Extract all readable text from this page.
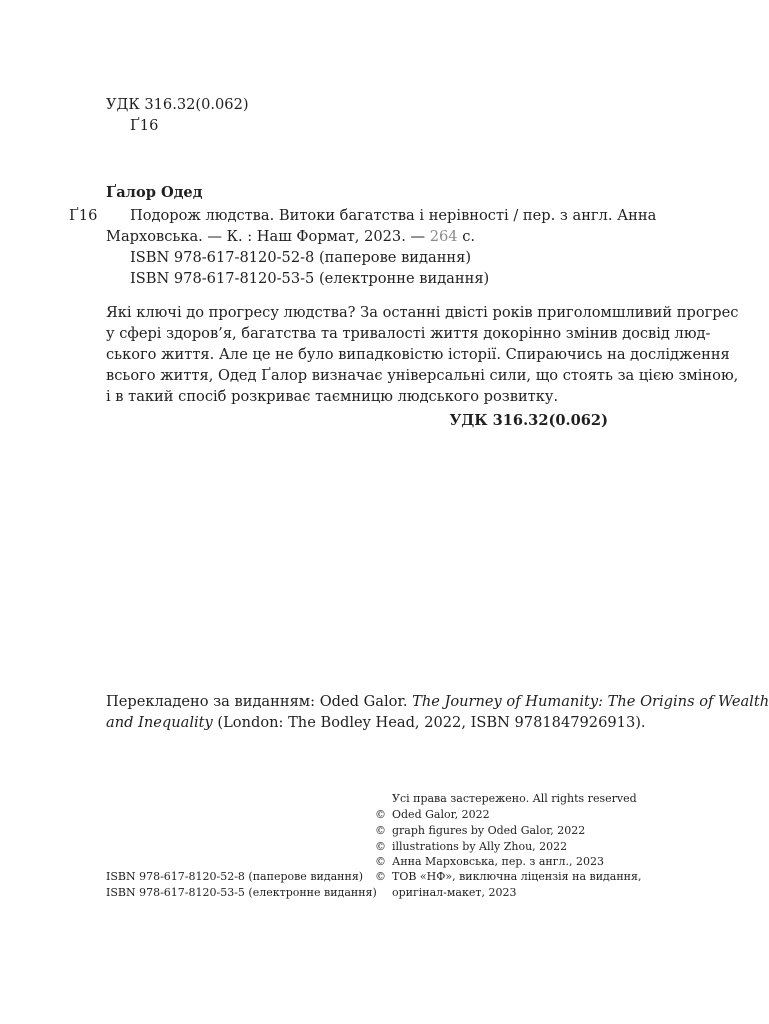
УДК 316.32(0.062)
Ґ16
Ґалор Одед
Ґ16 Подорож людства. Витоки багатства і нерівності / пер. з англ. Анна
Марховська. — К. : Наш Формат, 2023. — 264 с.
ISBN 978-617-8120-52-8 (паперове видання)
ISBN 978-617-8120-53-5 (електронне видання)
Які ключі до прогресу людства? За останні двісті років приголомшливий прогрес
у сфері здоров’я, багатства та тривалості життя докорінно змінив досвід люд-
ського життя. Але це не було випадковістю історії. Спираючись на дослідження
всього життя, Одед Ґалор визначає універсальні сили, що стоять за цією зміною,
і в такий спосіб розкриває таємницю людського розвитку.
УДК 316.32(0.062)
Перекладено за виданням: Oded Galor. The Journey of Humanity: The Origins of Wealth
and Inequality (London: The Bodley Head, 2022, ISBN 9781847926913).
ISBN 978-617-8120-52-8 (паперове видання)
ISBN 978-617-8120-53-5 (електронне видання)
Усі права застережено. All rights reserved
© Oded Galor, 2022
© graph figures by Oded Galor, 2022
© illustrations by Ally Zhou, 2022
© Анна Марховська, пер. з англ., 2023
© ТОВ «НФ», виключна ліцензія на видання,
оригінал-макет, 2023
